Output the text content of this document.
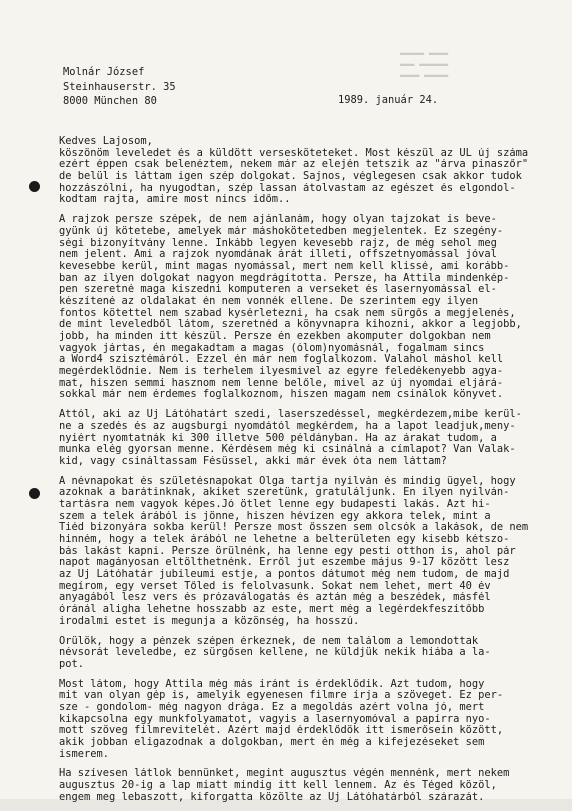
▬▬▬▬▬ ▬▬▬▬
▬▬▬ ▬▬▬▬▬▬
▬▬▬▬ ▬▬▬▬▬
Molnár József
Steinhauserstr. 35
8000 München 80	1989. január 24.
Kedves Lajosom,
köszönöm leveledet és a küldött versesköteteket. Most készül az UL új száma
ezért éppen csak belenéztem, nekem már az elején tetszik az "árva pinaszőr"
de belül is láttam igen szép dolgokat. Sajnos, véglegesen csak akkor tudok
hozzászólni, ha nyugodtan, szép lassan átolvastam az egészet és elgondol-
kodtam rajta, amire most nincs időm..
A rajzok persze szépek, de nem ajánlanám, hogy olyan tajzokat is beve-
gyünk új kötetebe, amelyek már máshokötetedben megjelentek. Ez szegény-
ségi bizonyítvány lenne. Inkább legyen kevesebb rajz, de még sehol meg
nem jelent. Ami a rajzok nyomdának árát illeti, offszetnyomással jóval
kevesebbe kerül, mint magas nyomással, mert nem kell klissé, ami korább-
ban az ilyen dolgokat nagyon megdrágította. Persze, ha Attila mindenkép-
pen szeretné maga kiszedni komputeren a verseket és lasernyomással el-
készítené az oldalakat én nem vonnék ellene. De szerintem egy ilyen
fontos kötettel nem szabad kysérletezni, ha csak nem sürgős a megjelenés,
de mint leveledből látom, szeretnéd a könyvnapra kihozni, akkor a legjobb,
jobb, ha minden itt készül. Persze én ezekben akomputer dolgokban nem
vagyok jártas, én megakadtam a magas (ólom)nyomásnál, fogalmam sincs
a Word4 szisztémáról. Ezzel én már nem foglalkozom. Valahol máshol kell
megérdeklődnie. Nem is terhelem ilyesmivel az egyre feledékenyebb agya-
mat, hiszen semmi hasznom nem lenne belőle, mivel az új nyomdai eljárá-
sokkal már nem érdemes foglalkoznom, hiszen magam nem csinálok könyvet.
Attól, aki az Új Látóhatárt szedi, laserszedéssel, megkérdezem,mibe kerül-
ne a szedés és az augsburgi nyomdától megkérdem, ha a lapot leadjuk,meny-
nyiért nyomtatnák ki 300 illetve 500 példányban. Ha az árakat tudom, a
munka elég gyorsan menne. Kérdésem még ki csinálná a címlapot? Van Valak-
kid, vagy csináltassam Fésüssel, akki már évek óta nem láttam?
A névnapokat és születésnapokat Olga tartja nyilván és mindig ügyel, hogy
azoknak a barátinknak, akiket szeretünk, gratuláljunk. Én ilyen nyilván-
tartásra nem vagyok képes.Jó ötlet lenne egy budapesti lakás. Azt hi-
szem a telek árából is jönne, hiszen hévízen egy akkora telek, mint a
Tiéd bizonyára sokba kerül! Persze most ősszen sem olcsók a lakások, de nem
hinném, hogy a telek árából ne lehetne a belterületen egy kisebb kétszo-
bás lakást kapni. Persze örülnénk, ha lenne egy pesti otthon is, ahol pár
napot magányosan eltölthetnénk. Erről jut eszembe május 9-17 között lesz
az Új Látóhatár jubileumi estje, a pontos dátumot még nem tudom, de majd
megírom, egy verset Tőled is felolvasunk. Sokat nem lehet, mert 40 év
anyagából lesz vers és prózaválogatás és aztán még a beszédek, másfél
óránál aligha lehetne hosszabb az este, mert még a legérdekfeszítőbb
irodalmi estet is megunja a közönség, ha hosszú.
Örülök, hogy a pénzek szépen érkeznek, de nem találom a lemondottak
névsorát leveledbe, ez sürgősen kellene, ne küldjük nekik hiába a la-
pot.
Most látom, hogy Attila még más iránt is érdeklődik. Azt tudom, hogy
mit van olyan gép is, amelyik egyenesen filmre írja a szöveget. Ez per-
sze - gondolom- még nagyon drága. Ez a megoldás azért volna jó, mert
kikapcsolna egy munkfolyamatot, vagyis a lasernyomóval a papírra nyo-
mott szöveg filmrevitelét. Azért majd érdeklődök itt ismerősein között,
akik jobban eligazodnak a dolgokban, mert én még a kifejezéseket sem
ismerem.
Ha szívesen látlok bennünket, megint augusztus végén mennénk, mert nekem
augusztus 20-ig a lap miatt mindig itt kell lennem. Az és Téged közöl,
engem meg lebaszott, kiforgatta közölte az Új Látóhatárból szárazát.
